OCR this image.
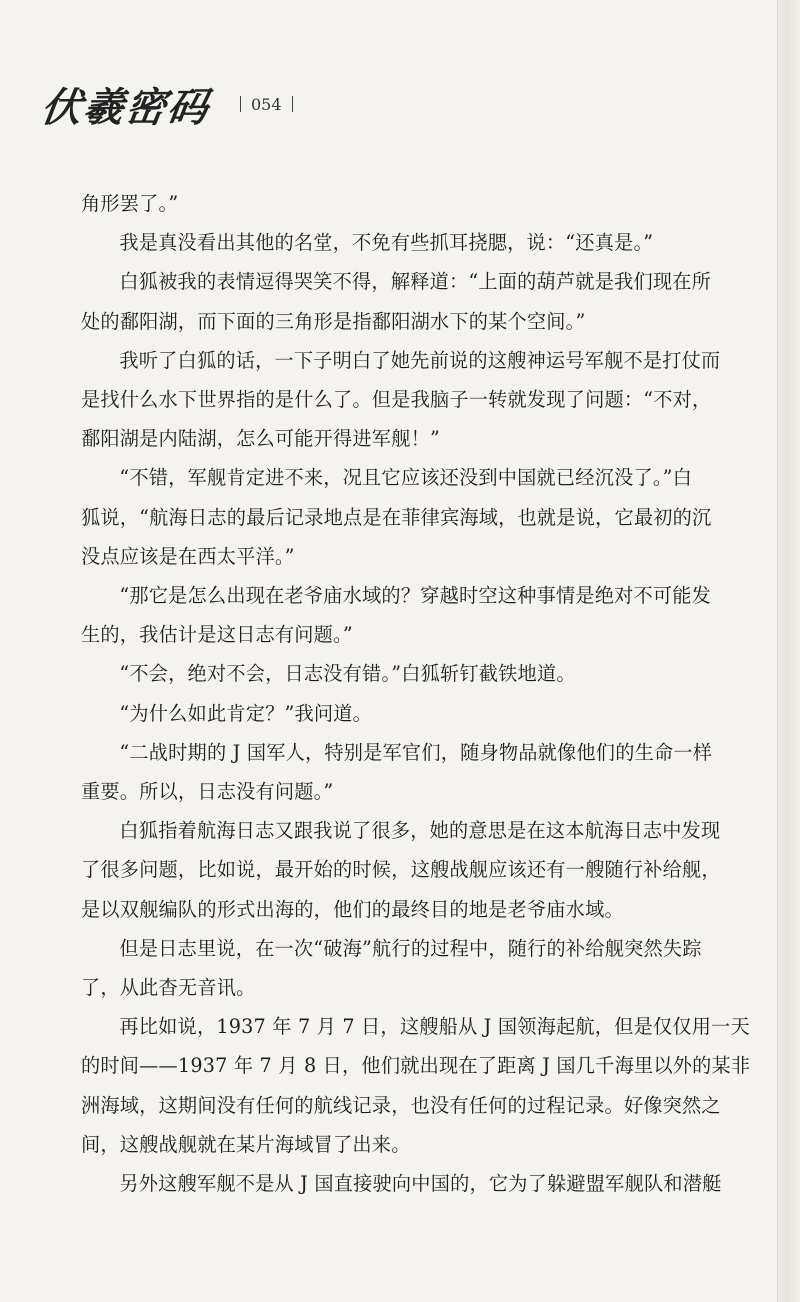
伏羲密码 054

角形罢了。”

我是真没看出其他的名堂，不免有些抓耳挠腮，说：“还真是。”

白狐被我的表情逗得哭笑不得，解释道：“上面的葫芦就是我们现在所
处的鄱阳湖，而下面的三角形是指鄱阳湖水下的某个空间。”

我听了白狐的话，一下子明白了她先前说的这艘神运号军舰不是打仗而
是找什么水下世界指的是什么了。但是我脑子一转就发现了问题：“不对，
鄱阳湖是内陆湖，怎么可能开得进军舰！”

“不错，军舰肯定进不来，况且它应该还没到中国就已经沉没了。”白
狐说，“航海日志的最后记录地点是在菲律宾海域，也就是说，它最初的沉
没点应该是在西太平洋。”

“那它是怎么出现在老爷庙水域的？穿越时空这种事情是绝对不可能发
生的，我估计是这日志有问题。”

“不会，绝对不会，日志没有错。”白狐斩钉截铁地道。

“为什么如此肯定？”我问道。

“二战时期的 J 国军人，特别是军官们，随身物品就像他们的生命一样
重要。所以，日志没有问题。”

白狐指着航海日志又跟我说了很多，她的意思是在这本航海日志中发现
了很多问题，比如说，最开始的时候，这艘战舰应该还有一艘随行补给舰，
是以双舰编队的形式出海的，他们的最终目的地是老爷庙水域。

但是日志里说，在一次“破海”航行的过程中，随行的补给舰突然失踪
了，从此杳无音讯。

再比如说，1937 年 7 月 7 日，这艘船从 J 国领海起航，但是仅仅用一天
的时间——1937 年 7 月 8 日，他们就出现在了距离 J 国几千海里以外的某非
洲海域，这期间没有任何的航线记录，也没有任何的过程记录。好像突然之
间，这艘战舰就在某片海域冒了出来。

另外这艘军舰不是从 J 国直接驶向中国的，它为了躲避盟军舰队和潜艇
